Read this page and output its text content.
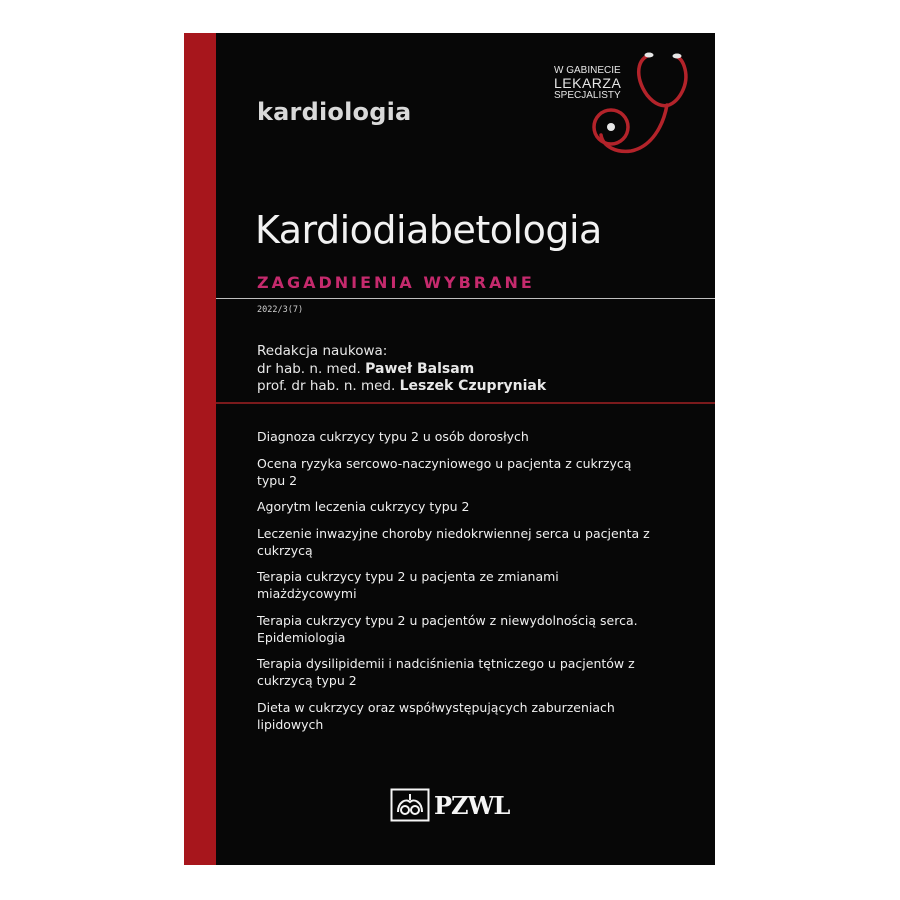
kardiologia
W GABINECIE
LEKARZA
SPECJALISTY
Kardiodiabetologia
ZAGADNIENIA WYBRANE
2022/3(7)
Redakcja naukowa:
dr hab. n. med. Paweł Balsam
prof. dr hab. n. med. Leszek Czupryniak
Diagnoza cukrzycy typu 2 u osób dorosłych
Ocena ryzyka sercowo-naczyniowego u pacjenta z cukrzycą typu 2
Agorytm leczenia cukrzycy typu 2
Leczenie inwazyjne choroby niedokrwiennej serca u pacjenta z cukrzycą
Terapia cukrzycy typu 2 u pacjenta ze zmianami miażdżycowymi
Terapia cukrzycy typu 2 u pacjentów z niewydolnością serca. Epidemiologia
Terapia dysilipidemii i nadciśnienia tętniczego u pacjentów z cukrzycą typu 2
Dieta w cukrzycy oraz współwystępujących zaburzeniach lipidowych
PZWL
